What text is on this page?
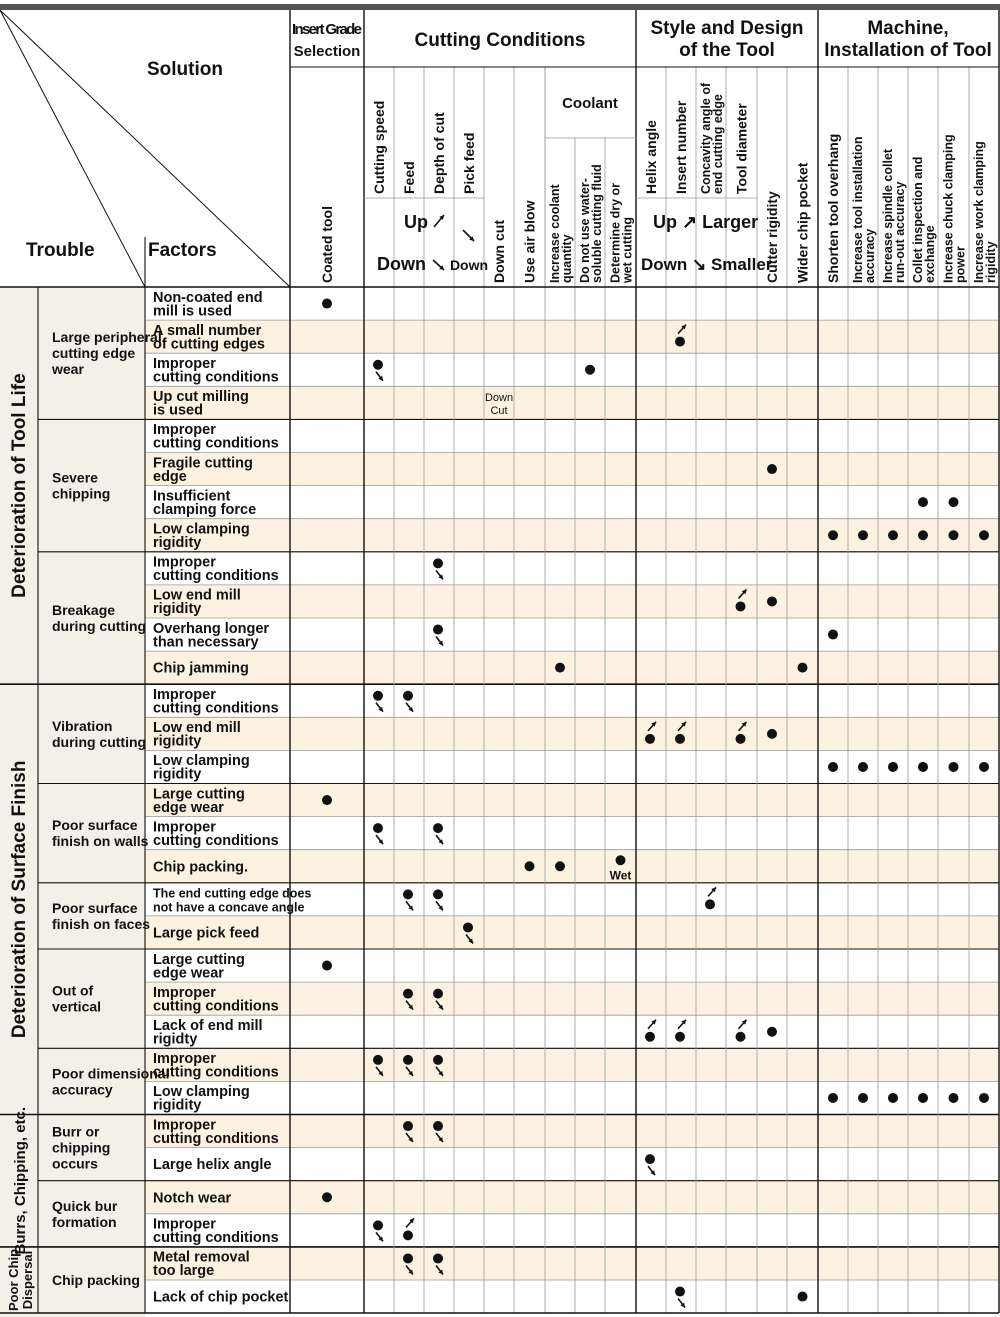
Solution
Trouble	Factors
Insert Grade
Selection
Cutting Conditions
Style and Design
of the Tool
Machine,
Installation of Tool
Coolant
Up
Down
Up ↗ Larger
Down ↘ Smaller
Down
Coated tool
Cutting speed Feed Depth of cut Pick feed
Down cut Use air blow Increase coolant
quantity Do not use water-
soluble cutting fluid Determine dry or
wet cutting
Helix angle Insert number Concavity angle of
end cutting edge Tool diameter
Cutter rigidity Wider chip pocket Shorten tool overhang Increase tool installation
accuracy Increase spindle collet
run-out accuracy Collet inspection and
exchange Increase chuck clamping
power Increase work clamping
rigidity
Deterioration of Tool Life
Deterioration of Surface Finish
Burrs, Chipping, etc.
Poor Chip Dispersal
Large peripheral
cutting edge
wear
Severe
chipping
Breakage
during cutting
Vibration
during cutting
Poor surface
finish on walls
Poor surface
finish on faces
Out of
vertical
Poor dimensional
accuracy
Burr or
chipping
occurs
Quick bur
formation
Chip packing
Non-coated end
mill is used
A small number
of cutting edges
Improper
cutting conditions
Up cut milling
is used
Improper
cutting conditions
Fragile cutting
edge
Insufficient
clamping force
Low clamping
rigidity
Improper
cutting conditions
Low end mill
rigidity
Overhang longer
than necessary
Chip jamming
Improper
cutting conditions
Low end mill
rigidity
Low clamping
rigidity
Large cutting
edge wear
Improper
cutting conditions
Chip packing.
The end cutting edge does
not have a concave angle
Large pick feed
Large cutting
edge wear
Improper
cutting conditions
Lack of end mill
rigidty
Improper
cutting conditions
Low clamping
rigidity
Improper
cutting conditions
Large helix angle
Notch wear
Improper
cutting conditions
Metal removal
too large
Lack of chip pocket
Down
Cut
Wet
